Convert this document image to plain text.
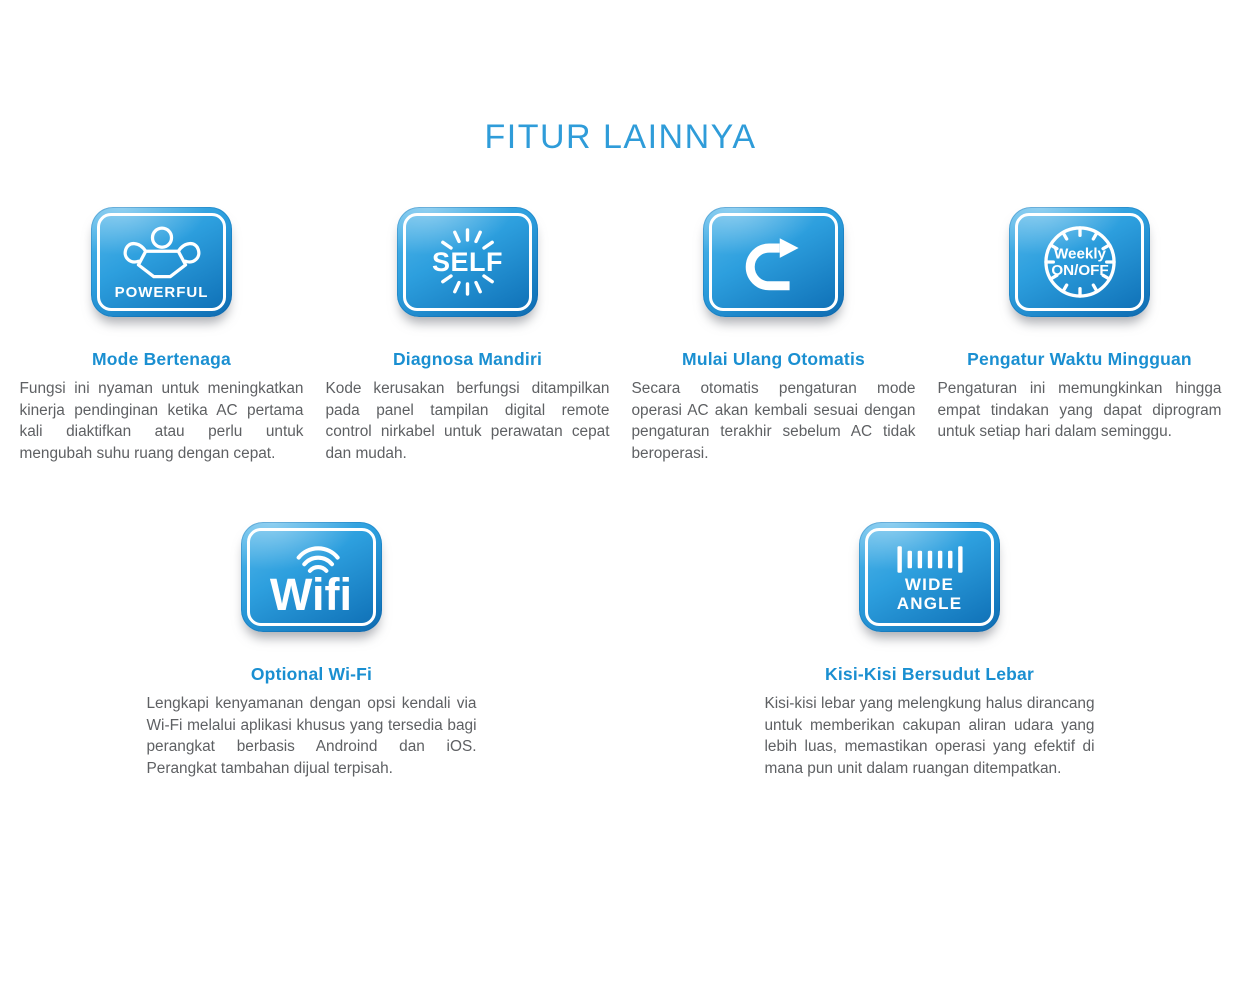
FITUR LAINNYA
POWERFUL
Mode Bertenaga

Fungsi ini nyaman untuk meningkatkan kinerja pendinginan ketika AC pertama kali diaktifkan atau perlu untuk mengubah suhu ruang dengan cepat.

SELF
Diagnosa Mandiri

Kode kerusakan berfungsi ditampilkan pada panel tampilan digital remote control nirkabel untuk perawatan cepat dan mudah.

Mulai Ulang Otomatis

Secara otomatis pengaturan mode operasi AC akan kembali sesuai dengan pengaturan terakhir sebelum AC tidak beroperasi.

Weekly
ON/OFF
Pengatur Waktu Mingguan

Pengaturan ini memungkinkan hingga empat tindakan yang dapat diprogram untuk setiap hari dalam seminggu.

Wifi
Optional Wi-Fi

Lengkapi kenyamanan dengan opsi kendali via Wi-Fi melalui aplikasi khusus yang tersedia bagi perangkat berbasis Androind dan iOS. Perangkat tambahan dijual terpisah.

WIDE
ANGLE
Kisi-Kisi Bersudut Lebar

Kisi-kisi lebar yang melengkung halus dirancang untuk memberikan cakupan aliran udara yang lebih luas, memastikan operasi yang efektif di mana pun unit dalam ruangan ditempatkan.
